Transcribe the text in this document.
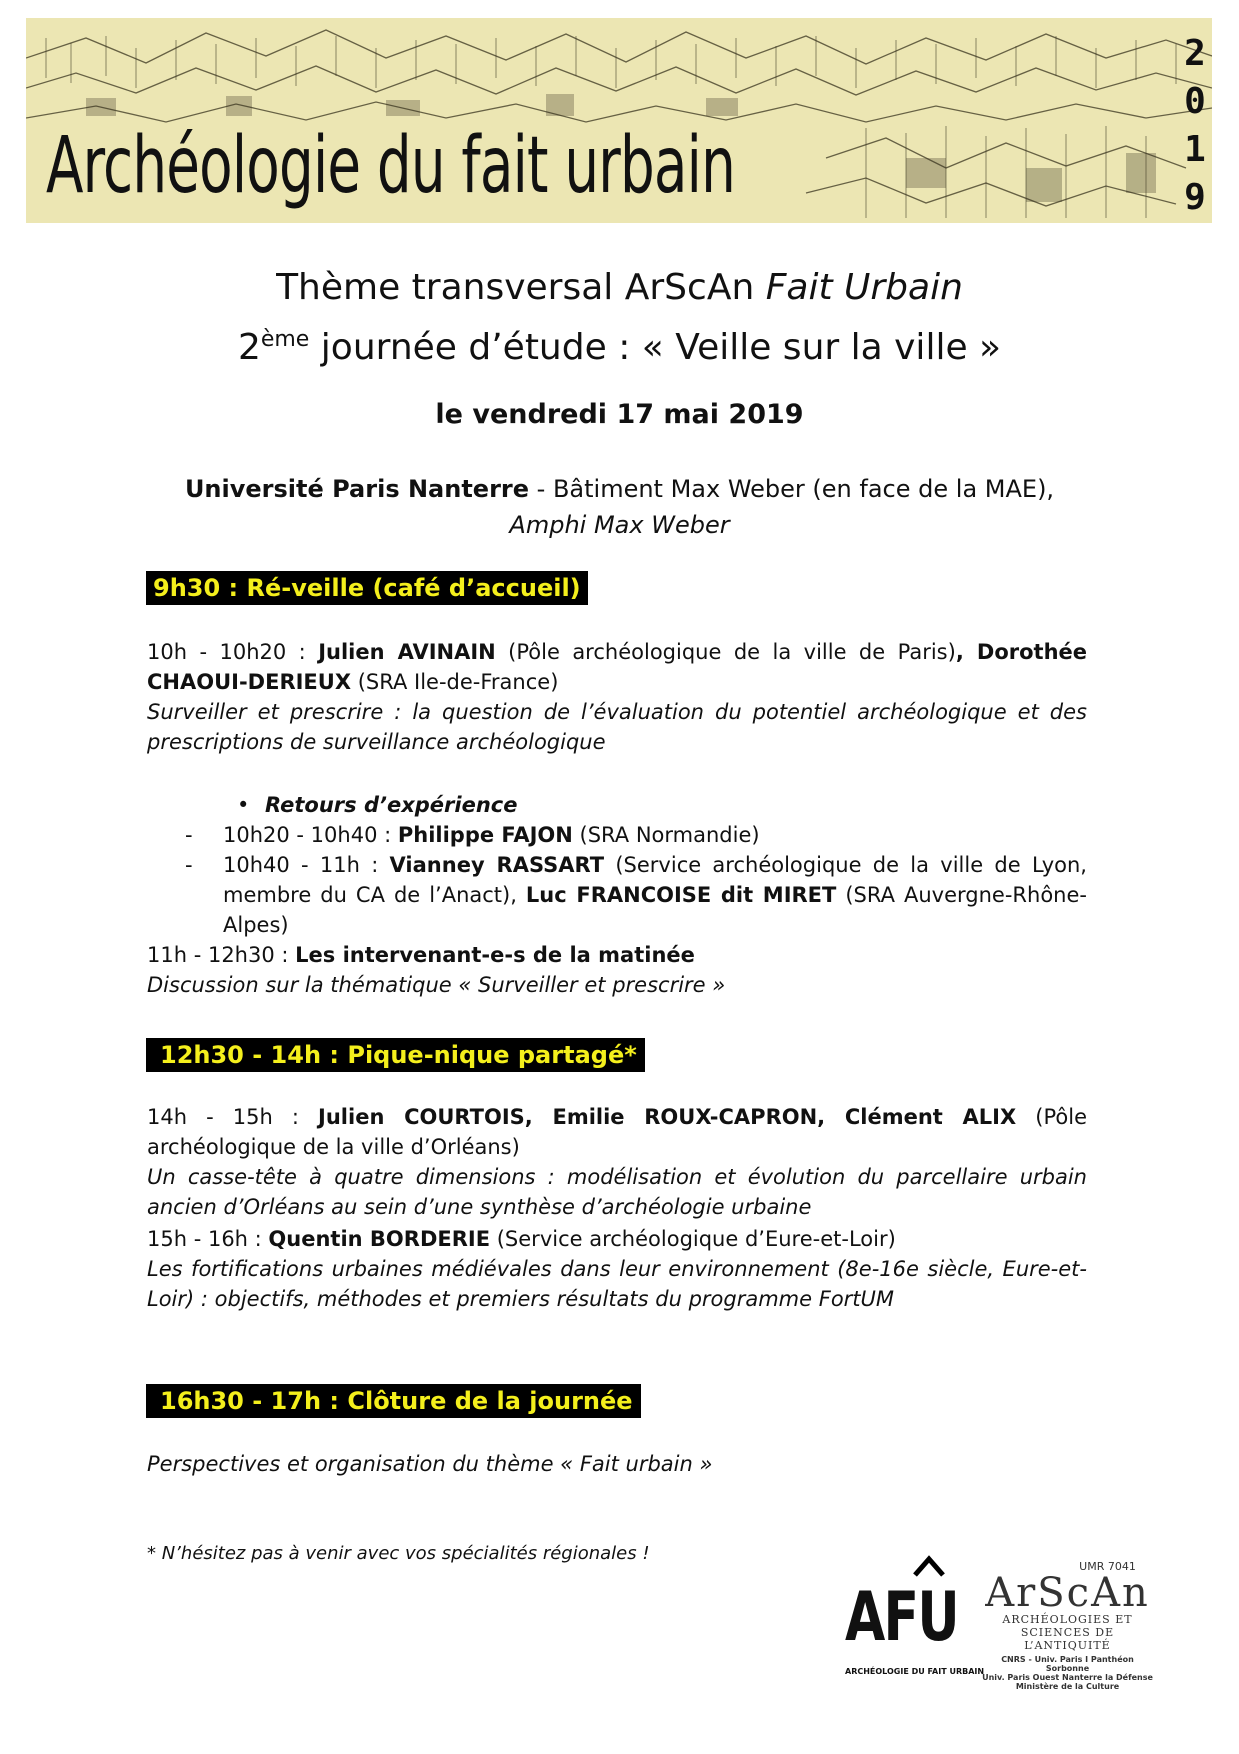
Archéologie du fait urbain
2
0
1
9
Thème transversal ArScAn Fait Urbain
2ème journée d’étude : « Veille sur la ville »
le vendredi 17 mai 2019
Université Paris Nanterre - Bâtiment Max Weber (en face de la MAE),
Amphi Max Weber
9h30 : Ré-veille (café d’accueil)
10h - 10h20 : Julien AVINAIN (Pôle archéologique de la ville de Paris), Dorothée CHAOUI-DERIEUX (SRA Ile-de-France)
Surveiller et prescrire : la question de l’évaluation du potentiel archéologique et des prescriptions de surveillance archéologique
• Retours d’expérience
- 10h20 - 10h40 : Philippe FAJON (SRA Normandie)
- 10h40 - 11h : Vianney RASSART (Service archéologique de la ville de Lyon, membre du CA de l’Anact), Luc FRANCOISE dit MIRET (SRA Auvergne-Rhône-Alpes)
11h - 12h30 : Les intervenant-e-s de la matinée
Discussion sur la thématique « Surveiller et prescrire »
12h30 - 14h : Pique-nique partagé*
14h - 15h : Julien COURTOIS, Emilie ROUX-CAPRON, Clément ALIX (Pôle archéologique de la ville d’Orléans)
Un casse-tête à quatre dimensions : modélisation et évolution du parcellaire urbain ancien d’Orléans au sein d’une synthèse d’archéologie urbaine
15h - 16h : Quentin BORDERIE (Service archéologique d’Eure-et-Loir)
Les fortifications urbaines médiévales dans leur environnement (8e-16e siècle, Eure-et-Loir) : objectifs, méthodes et premiers résultats du programme FortUM
16h30 - 17h : Clôture de la journée
Perspectives et organisation du thème « Fait urbain »
* N’hésitez pas à venir avec vos spécialités régionales !
AFU
ARCHÉOLOGIE DU FAIT URBAIN
UMR 7041
ArScAn
ARCHÉOLOGIES ET
SCIENCES DE L’ANTIQUITÉ
CNRS - Univ. Paris I Panthéon Sorbonne
Univ. Paris Ouest Nanterre la Défense
Ministère de la Culture
